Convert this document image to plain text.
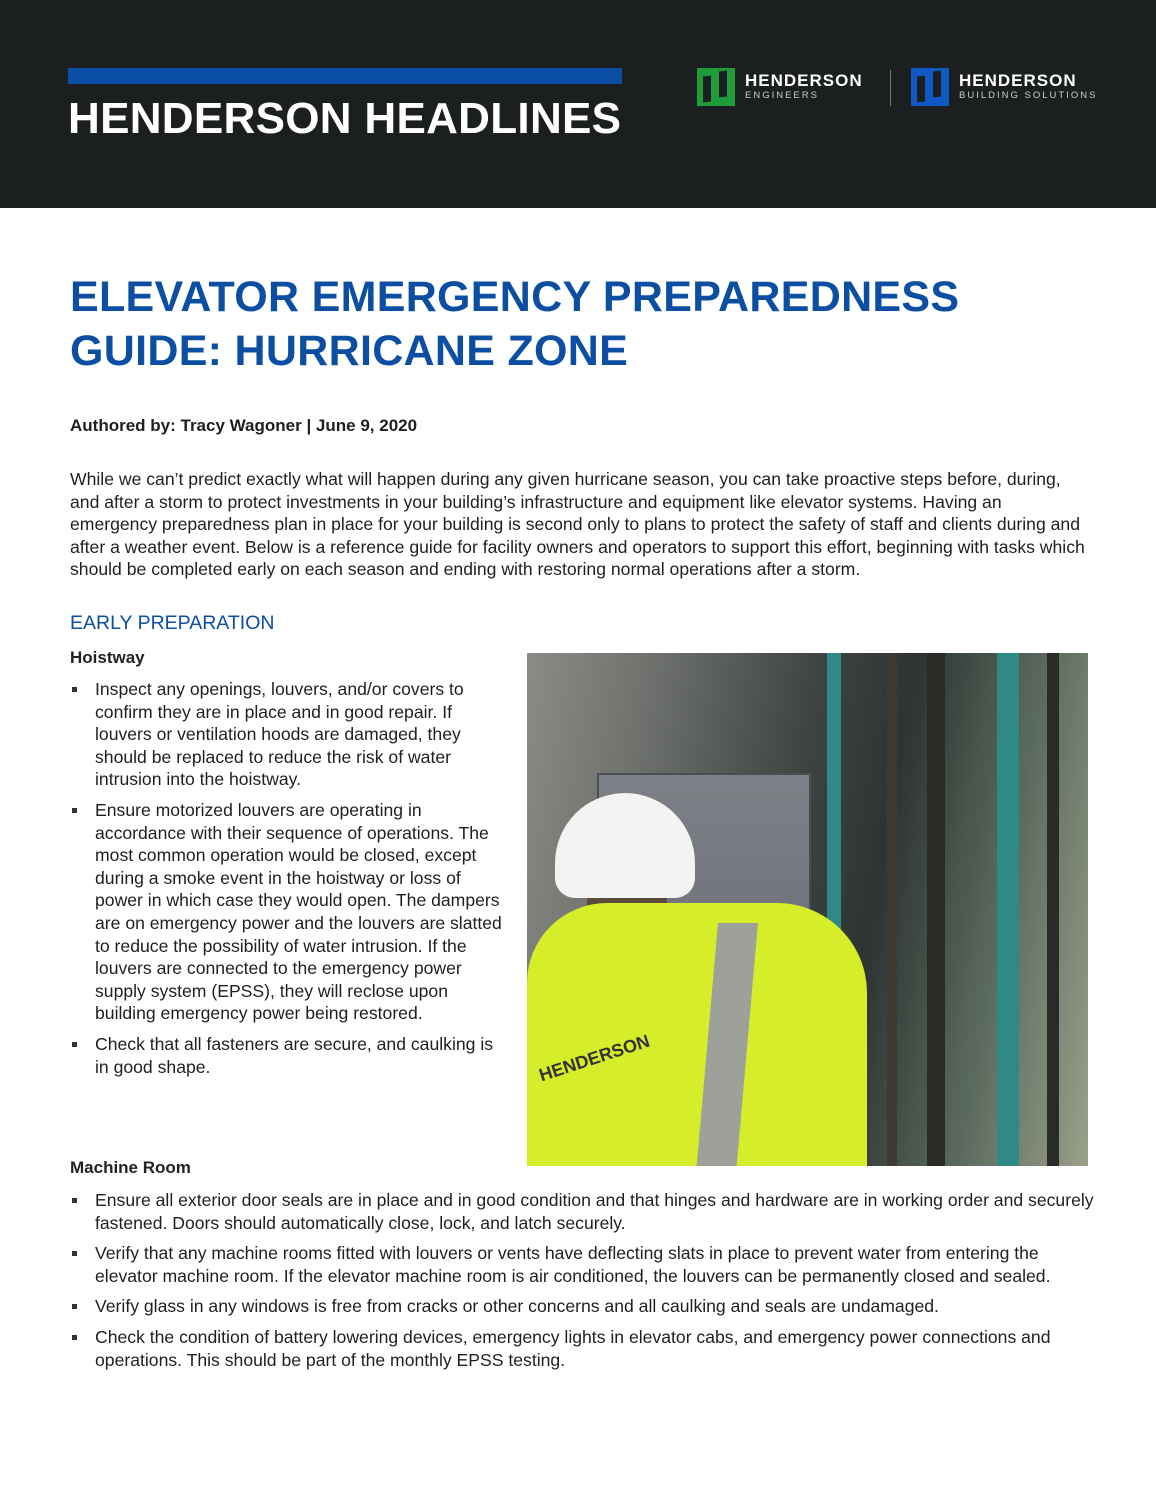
HENDERSON HEADLINES
HENDERSON
ENGINEERS
HENDERSON
BUILDING SOLUTIONS
ELEVATOR EMERGENCY PREPAREDNESS GUIDE: HURRICANE ZONE
Authored by: Tracy Wagoner | June 9, 2020
While we can’t predict exactly what will happen during any given hurricane season, you can take proactive steps before, during, and after a storm to protect investments in your building’s infrastructure and equipment like elevator systems. Having an emergency preparedness plan in place for your building is second only to plans to protect the safety of staff and clients during and after a weather event. Below is a reference guide for facility owners and operators to support this effort, beginning with tasks which should be completed early on each season and ending with restoring normal operations after a storm.
EARLY PREPARATION
Hoistway
Inspect any openings, louvers, and/or covers to confirm they are in place and in good repair. If louvers or ventilation hoods are damaged, they should be replaced to reduce the risk of water intrusion into the hoistway.
Ensure motorized louvers are operating in accordance with their sequence of operations. The most common operation would be closed, except during a smoke event in the hoistway or loss of power in which case they would open. The dampers are on emergency power and the louvers are slatted to reduce the possibility of water intrusion. If the louvers are connected to the emergency power supply system (EPSS), they will reclose upon building emergency power being restored.
Check that all fasteners are secure, and caulking is in good shape.	HENDERSON
Machine Room
Ensure all exterior door seals are in place and in good condition and that hinges and hardware are in working order and securely fastened. Doors should automatically close, lock, and latch securely.
Verify that any machine rooms fitted with louvers or vents have deflecting slats in place to prevent water from entering the elevator machine room. If the elevator machine room is air conditioned, the louvers can be permanently closed and sealed.
Verify glass in any windows is free from cracks or other concerns and all caulking and seals are undamaged.
Check the condition of battery lowering devices, emergency lights in elevator cabs, and emergency power connections and operations. This should be part of the monthly EPSS testing.
